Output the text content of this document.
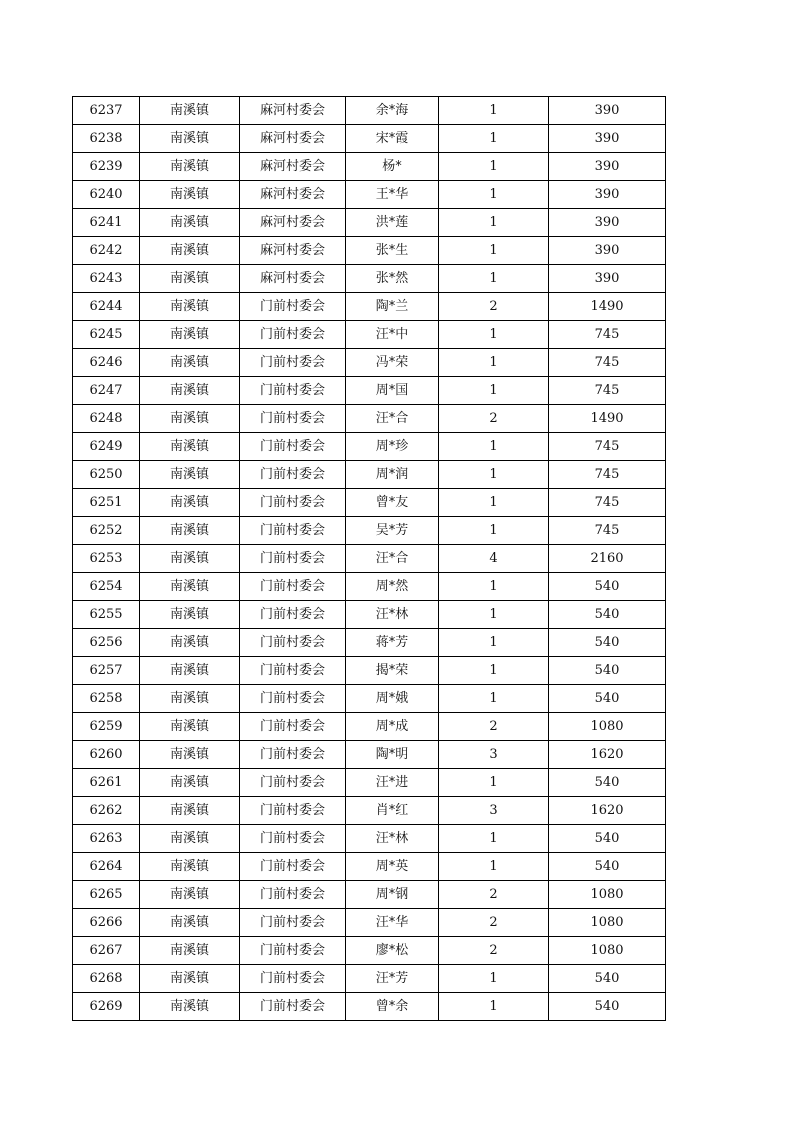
6237	南溪镇	麻河村委会	余*海	1	390
6238	南溪镇	麻河村委会	宋*霞	1	390
6239	南溪镇	麻河村委会	杨*	1	390
6240	南溪镇	麻河村委会	王*华	1	390
6241	南溪镇	麻河村委会	洪*莲	1	390
6242	南溪镇	麻河村委会	张*生	1	390
6243	南溪镇	麻河村委会	张*然	1	390
6244	南溪镇	门前村委会	陶*兰	2	1490
6245	南溪镇	门前村委会	汪*中	1	745
6246	南溪镇	门前村委会	冯*荣	1	745
6247	南溪镇	门前村委会	周*国	1	745
6248	南溪镇	门前村委会	汪*合	2	1490
6249	南溪镇	门前村委会	周*珍	1	745
6250	南溪镇	门前村委会	周*润	1	745
6251	南溪镇	门前村委会	曾*友	1	745
6252	南溪镇	门前村委会	吴*芳	1	745
6253	南溪镇	门前村委会	汪*合	4	2160
6254	南溪镇	门前村委会	周*然	1	540
6255	南溪镇	门前村委会	汪*林	1	540
6256	南溪镇	门前村委会	蒋*芳	1	540
6257	南溪镇	门前村委会	揭*荣	1	540
6258	南溪镇	门前村委会	周*娥	1	540
6259	南溪镇	门前村委会	周*成	2	1080
6260	南溪镇	门前村委会	陶*明	3	1620
6261	南溪镇	门前村委会	汪*进	1	540
6262	南溪镇	门前村委会	肖*红	3	1620
6263	南溪镇	门前村委会	汪*林	1	540
6264	南溪镇	门前村委会	周*英	1	540
6265	南溪镇	门前村委会	周*钢	2	1080
6266	南溪镇	门前村委会	汪*华	2	1080
6267	南溪镇	门前村委会	廖*松	2	1080
6268	南溪镇	门前村委会	汪*芳	1	540
6269	南溪镇	门前村委会	曾*余	1	540
